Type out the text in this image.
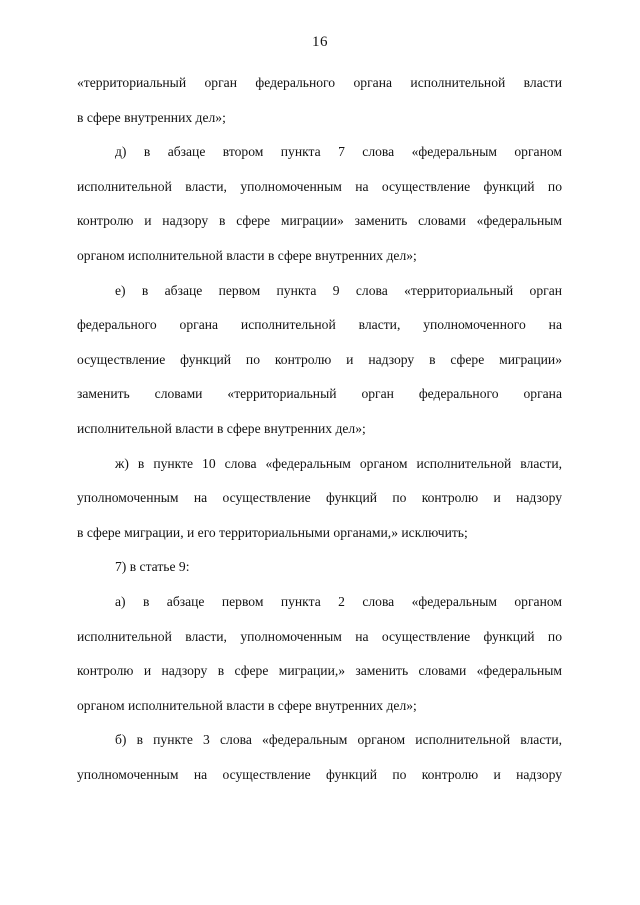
16
«территориальный орган федерального органа исполнительной власти
в сфере внутренних дел»;
д) в абзаце втором пункта 7 слова «федеральным органом
исполнительной власти, уполномоченным на осуществление функций по
контролю и надзору в сфере миграции» заменить словами «федеральным
органом исполнительной власти в сфере внутренних дел»;
е) в абзаце первом пункта 9 слова «территориальный орган
федерального органа исполнительной власти, уполномоченного на
осуществление функций по контролю и надзору в сфере миграции»
заменить словами «территориальный орган федерального органа
исполнительной власти в сфере внутренних дел»;
ж) в пункте 10 слова «федеральным органом исполнительной власти,
уполномоченным на осуществление функций по контролю и надзору
в сфере миграции, и его территориальными органами,» исключить;
7) в статье 9:
а) в абзаце первом пункта 2 слова «федеральным органом
исполнительной власти, уполномоченным на осуществление функций по
контролю и надзору в сфере миграции,» заменить словами «федеральным
органом исполнительной власти в сфере внутренних дел»;
б) в пункте 3 слова «федеральным органом исполнительной власти,
уполномоченным на осуществление функций по контролю и надзору
